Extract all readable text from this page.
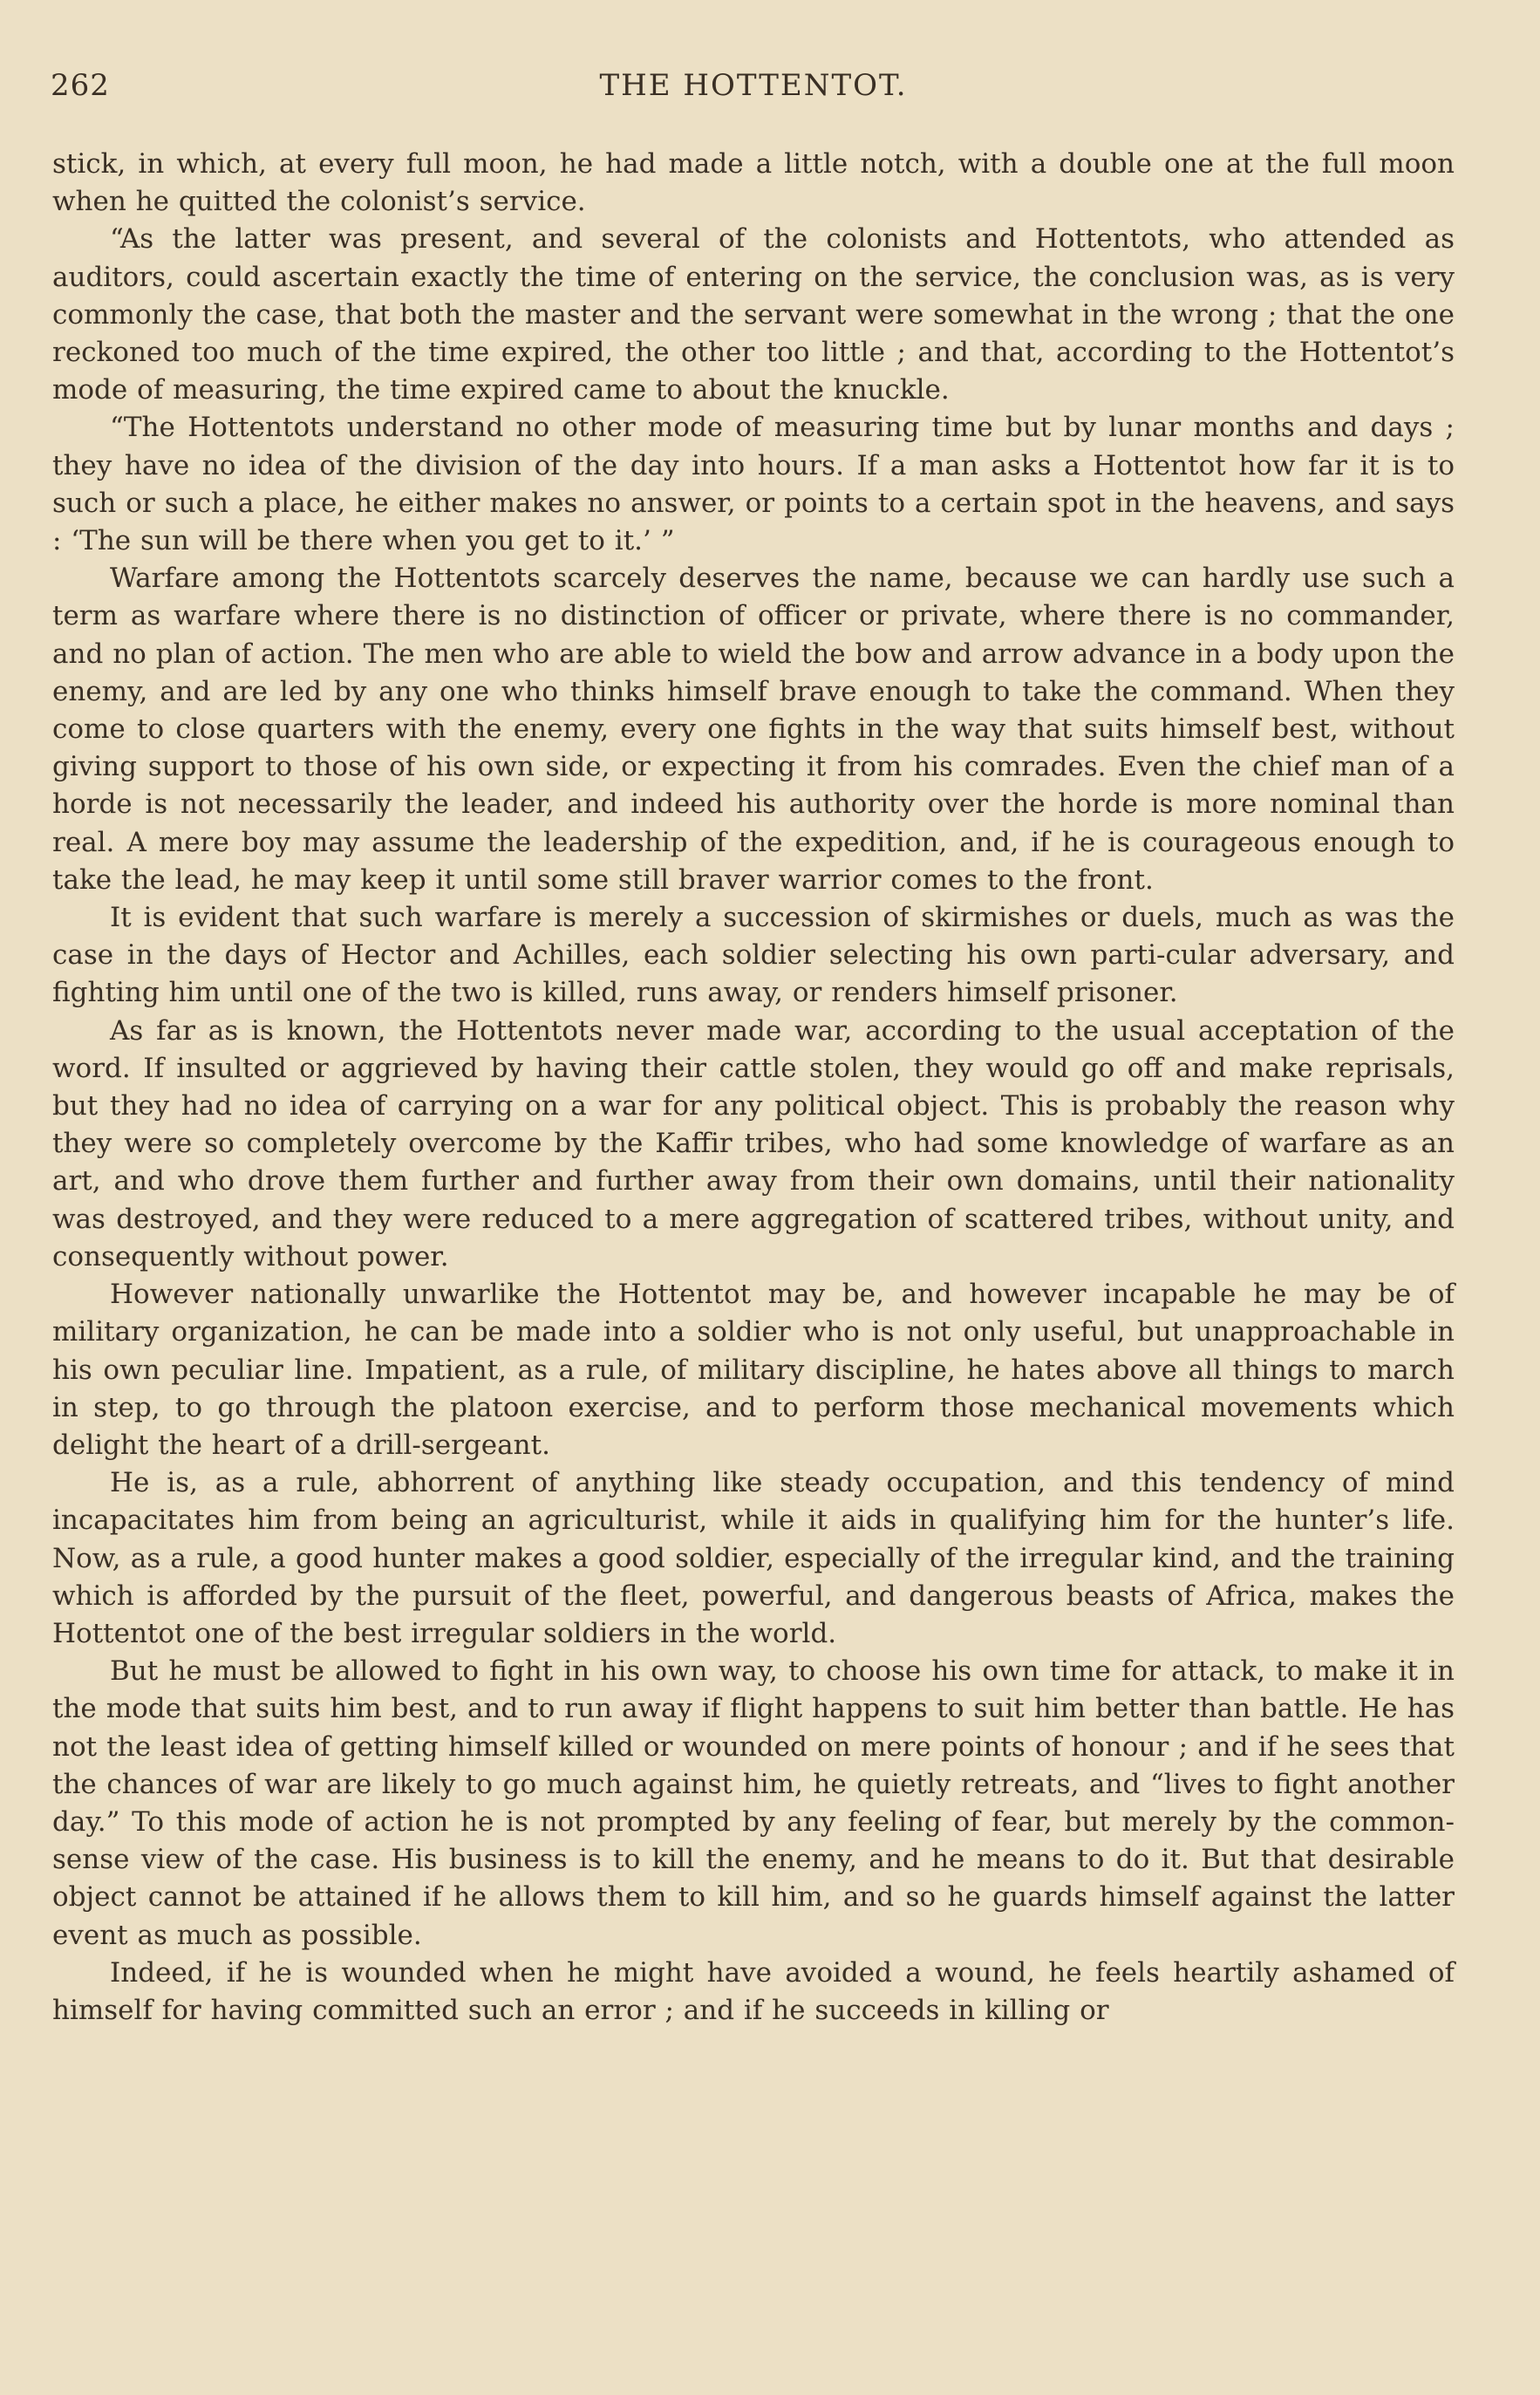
262	THE HOTTENTOT.

stick, in which, at every full moon, he had made a little notch, with a double one at the full moon when he quitted the colonist’s service.

“As the latter was present, and several of the colonists and Hottentots, who attended as auditors, could ascertain exactly the time of entering on the service, the conclusion was, as is very commonly the case, that both the master and the servant were somewhat in the wrong ; that the one reckoned too much of the time expired, the other too little ; and that, according to the Hottentot’s mode of measuring, the time expired came to about the knuckle.

“The Hottentots understand no other mode of measuring time but by lunar months and days ; they have no idea of the division of the day into hours. If a man asks a Hottentot how far it is to such or such a place, he either makes no answer, or points to a certain spot in the heavens, and says : ‘The sun will be there when you get to it.’ ”

Warfare among the Hottentots scarcely deserves the name, because we can hardly use such a term as warfare where there is no distinction of officer or private, where there is no commander, and no plan of action. The men who are able to wield the bow and arrow advance in a body upon the enemy, and are led by any one who thinks himself brave enough to take the command. When they come to close quarters with the enemy, every one fights in the way that suits himself best, without giving support to those of his own side, or expecting it from his comrades. Even the chief man of a horde is not necessarily the leader, and indeed his authority over the horde is more nominal than real. A mere boy may assume the leadership of the expedition, and, if he is courageous enough to take the lead, he may keep it until some still braver warrior comes to the front.

It is evident that such warfare is merely a succession of skirmishes or duels, much as was the case in the days of Hector and Achilles, each soldier selecting his own parti-cular adversary, and fighting him until one of the two is killed, runs away, or renders himself prisoner.

As far as is known, the Hottentots never made war, according to the usual acceptation of the word. If insulted or aggrieved by having their cattle stolen, they would go off and make reprisals, but they had no idea of carrying on a war for any political object. This is probably the reason why they were so completely overcome by the Kaffir tribes, who had some knowledge of warfare as an art, and who drove them further and further away from their own domains, until their nationality was destroyed, and they were reduced to a mere aggregation of scattered tribes, without unity, and consequently without power.

However nationally unwarlike the Hottentot may be, and however incapable he may be of military organization, he can be made into a soldier who is not only useful, but unapproachable in his own peculiar line. Impatient, as a rule, of military discipline, he hates above all things to march in step, to go through the platoon exercise, and to perform those mechanical movements which delight the heart of a drill-sergeant.

He is, as a rule, abhorrent of anything like steady occupation, and this tendency of mind incapacitates him from being an agriculturist, while it aids in qualifying him for the hunter’s life. Now, as a rule, a good hunter makes a good soldier, especially of the irregular kind, and the training which is afforded by the pursuit of the fleet, powerful, and dangerous beasts of Africa, makes the Hottentot one of the best irregular soldiers in the world.

But he must be allowed to fight in his own way, to choose his own time for attack, to make it in the mode that suits him best, and to run away if flight happens to suit him better than battle. He has not the least idea of getting himself killed or wounded on mere points of honour ; and if he sees that the chances of war are likely to go much against him, he quietly retreats, and “lives to fight another day.” To this mode of action he is not prompted by any feeling of fear, but merely by the common-sense view of the case. His business is to kill the enemy, and he means to do it. But that desirable object cannot be attained if he allows them to kill him, and so he guards himself against the latter event as much as possible.

Indeed, if he is wounded when he might have avoided a wound, he feels heartily ashamed of himself for having committed such an error ; and if he succeeds in killing or
